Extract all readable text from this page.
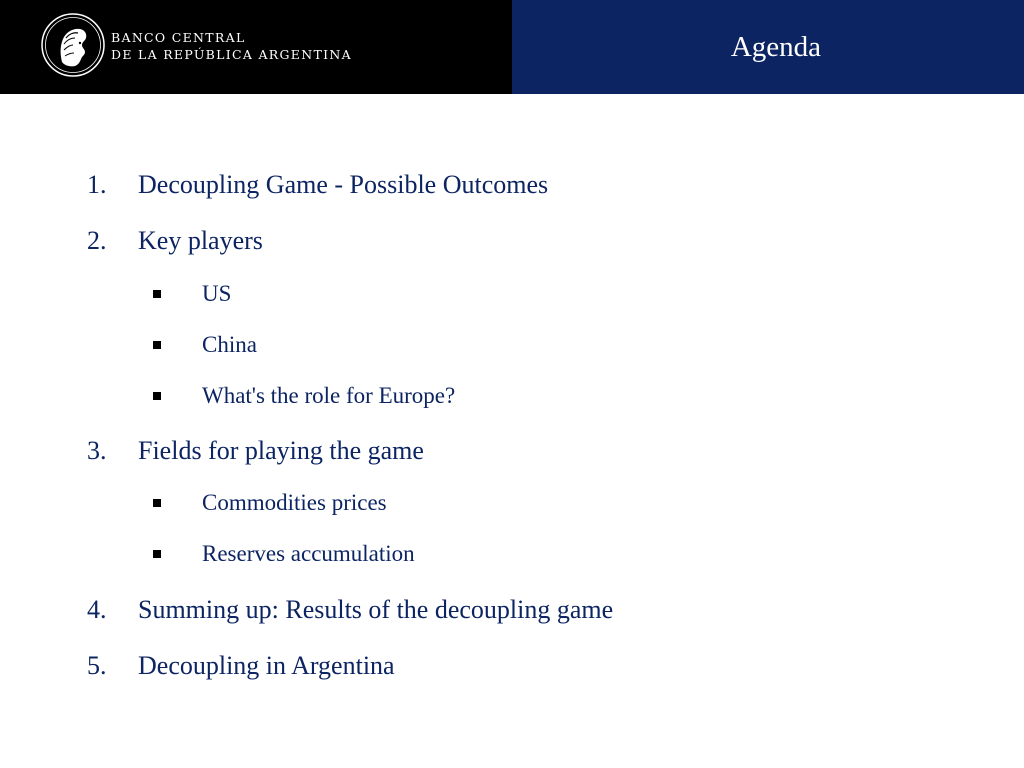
BANCO CENTRAL
DE LA REPÚBLICA ARGENTINA	Agenda
1. Decoupling Game - Possible Outcomes
2. Key players
US
China
What's the role for Europe?
3. Fields for playing the game
Commodities prices
Reserves accumulation
4. Summing up: Results of the decoupling game
5. Decoupling in Argentina
